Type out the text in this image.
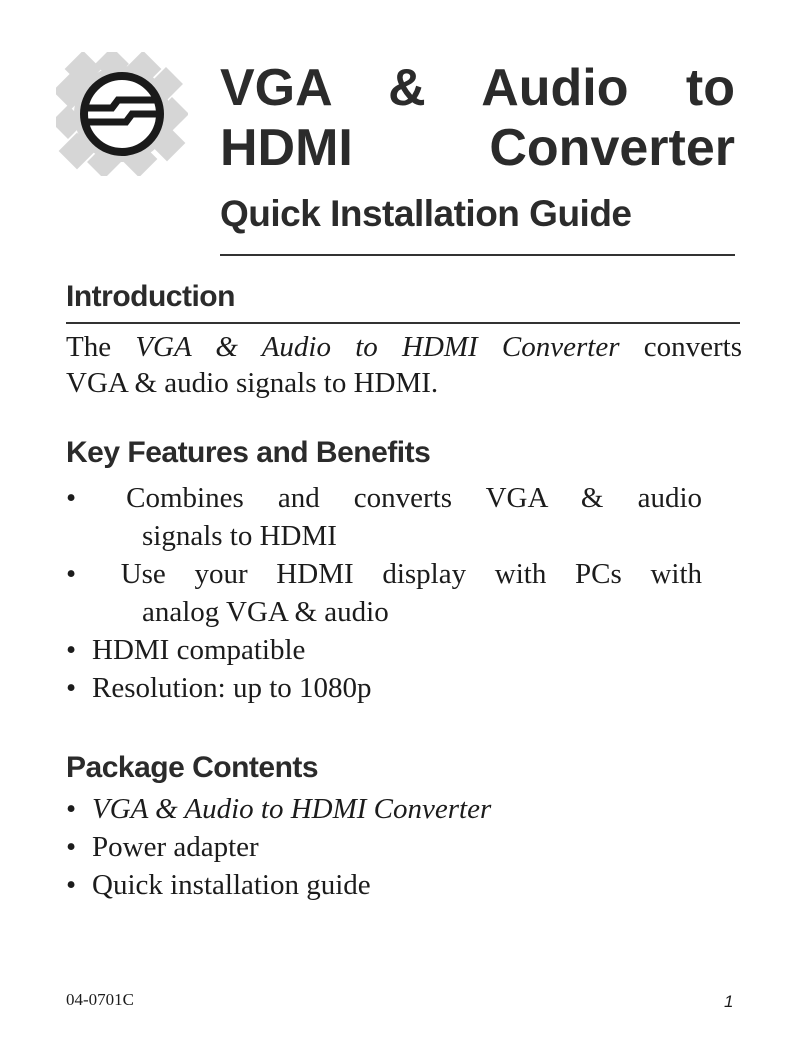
VGA & Audio to
HDMI Converter
Quick Installation Guide
Introduction
The VGA & Audio to HDMI Converter converts
VGA & audio signals to HDMI.
Key Features and Benefits
• Combines and converts VGA & audio
signals to HDMI
• Use your HDMI display with PCs with
analog VGA & audio
• HDMI compatible
• Resolution: up to 1080p
Package Contents
• VGA & Audio to HDMI Converter
• Power adapter
• Quick installation guide
04-0701C	1
